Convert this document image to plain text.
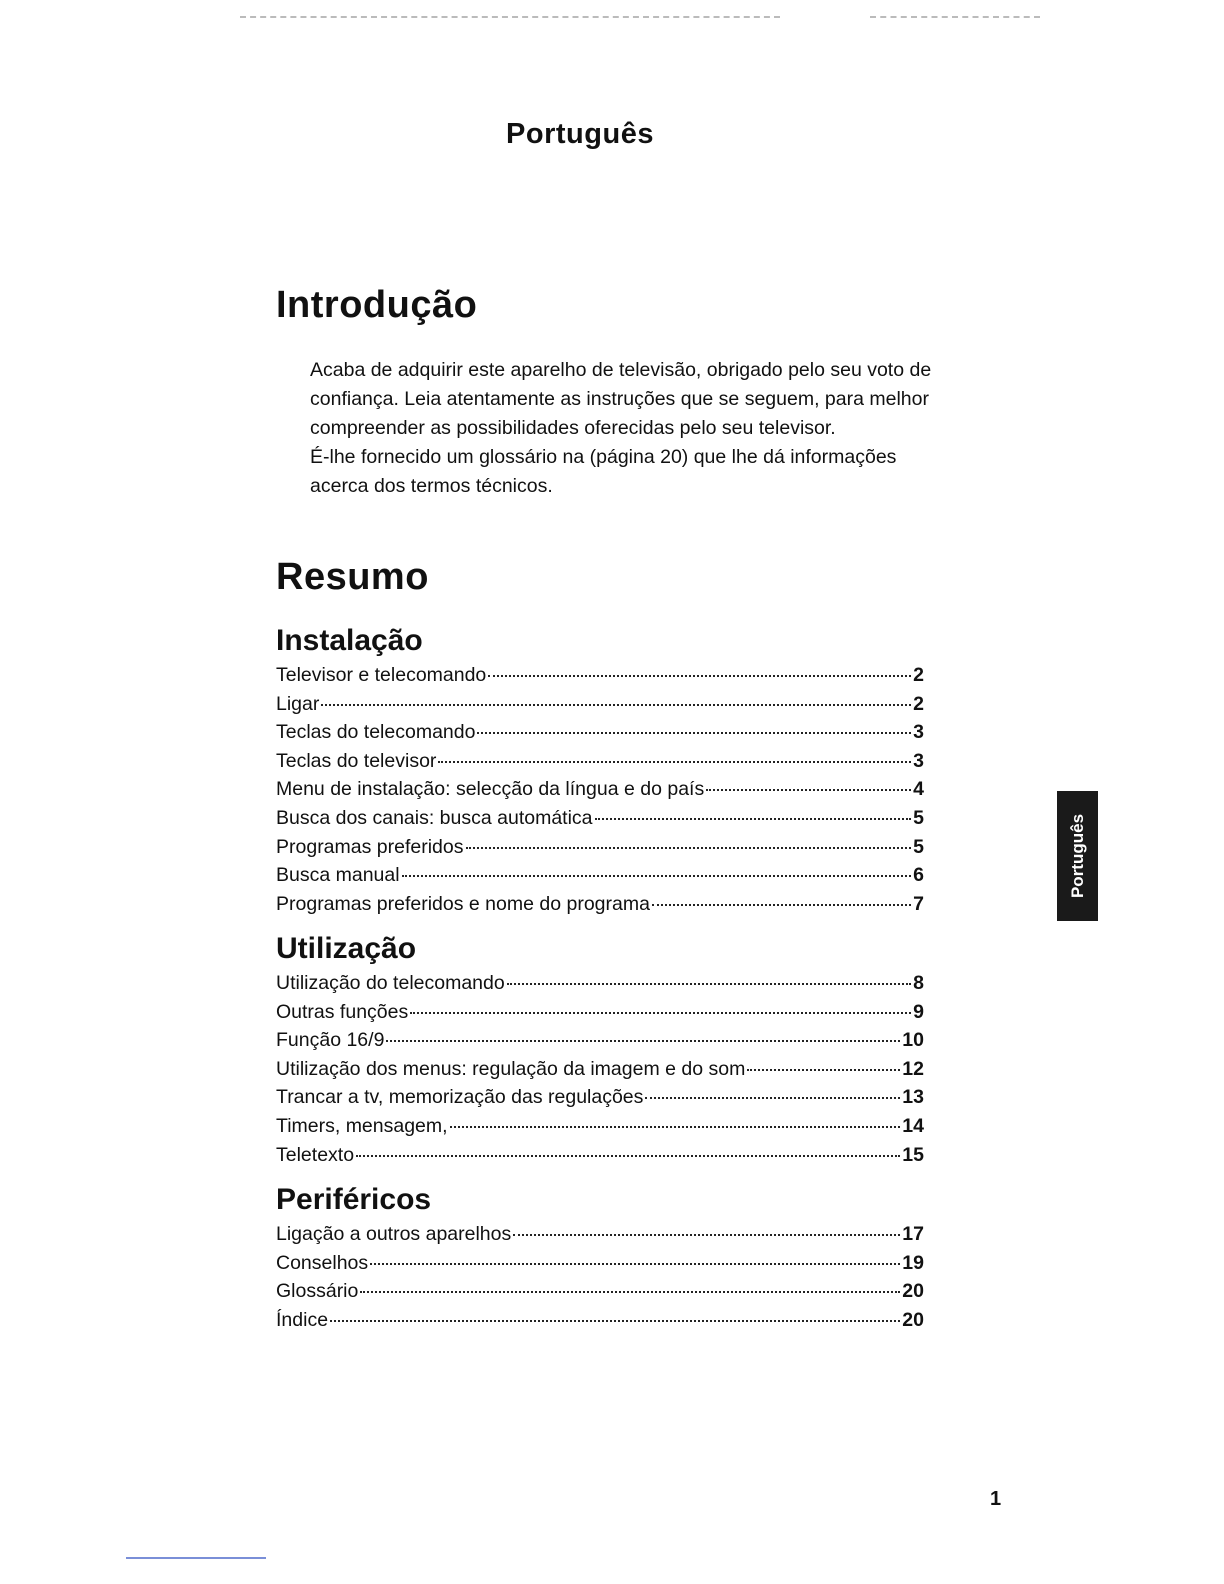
Português
Introdução

Acaba de adquirir este aparelho de televisão, obrigado pelo seu voto de confiança. Leia atentamente as instruções que se seguem, para melhor compreender as possibilidades oferecidas pelo seu televisor.

É-lhe fornecido um glossário na (página 20) que lhe dá informações acerca dos termos técnicos.

Resumo
Instalação
Televisor e telecomando	2
Ligar	2
Teclas do telecomando	3
Teclas do televisor	3
Menu de instalação: selecção da língua e do país	4
Busca dos canais: busca automática	5
Programas preferidos	5
Busca manual	6
Programas preferidos e nome do programa	7
Utilização
Utilização do telecomando	8
Outras funções	9
Função 16/9	10
Utilização dos menus: regulação da imagem e do som	12
Trancar a tv, memorização das regulações	13
Timers, mensagem,	14
Teletexto	15
Periféricos
Ligação a outros aparelhos	17
Conselhos	19
Glossário	20
Índice	20
Português
1
